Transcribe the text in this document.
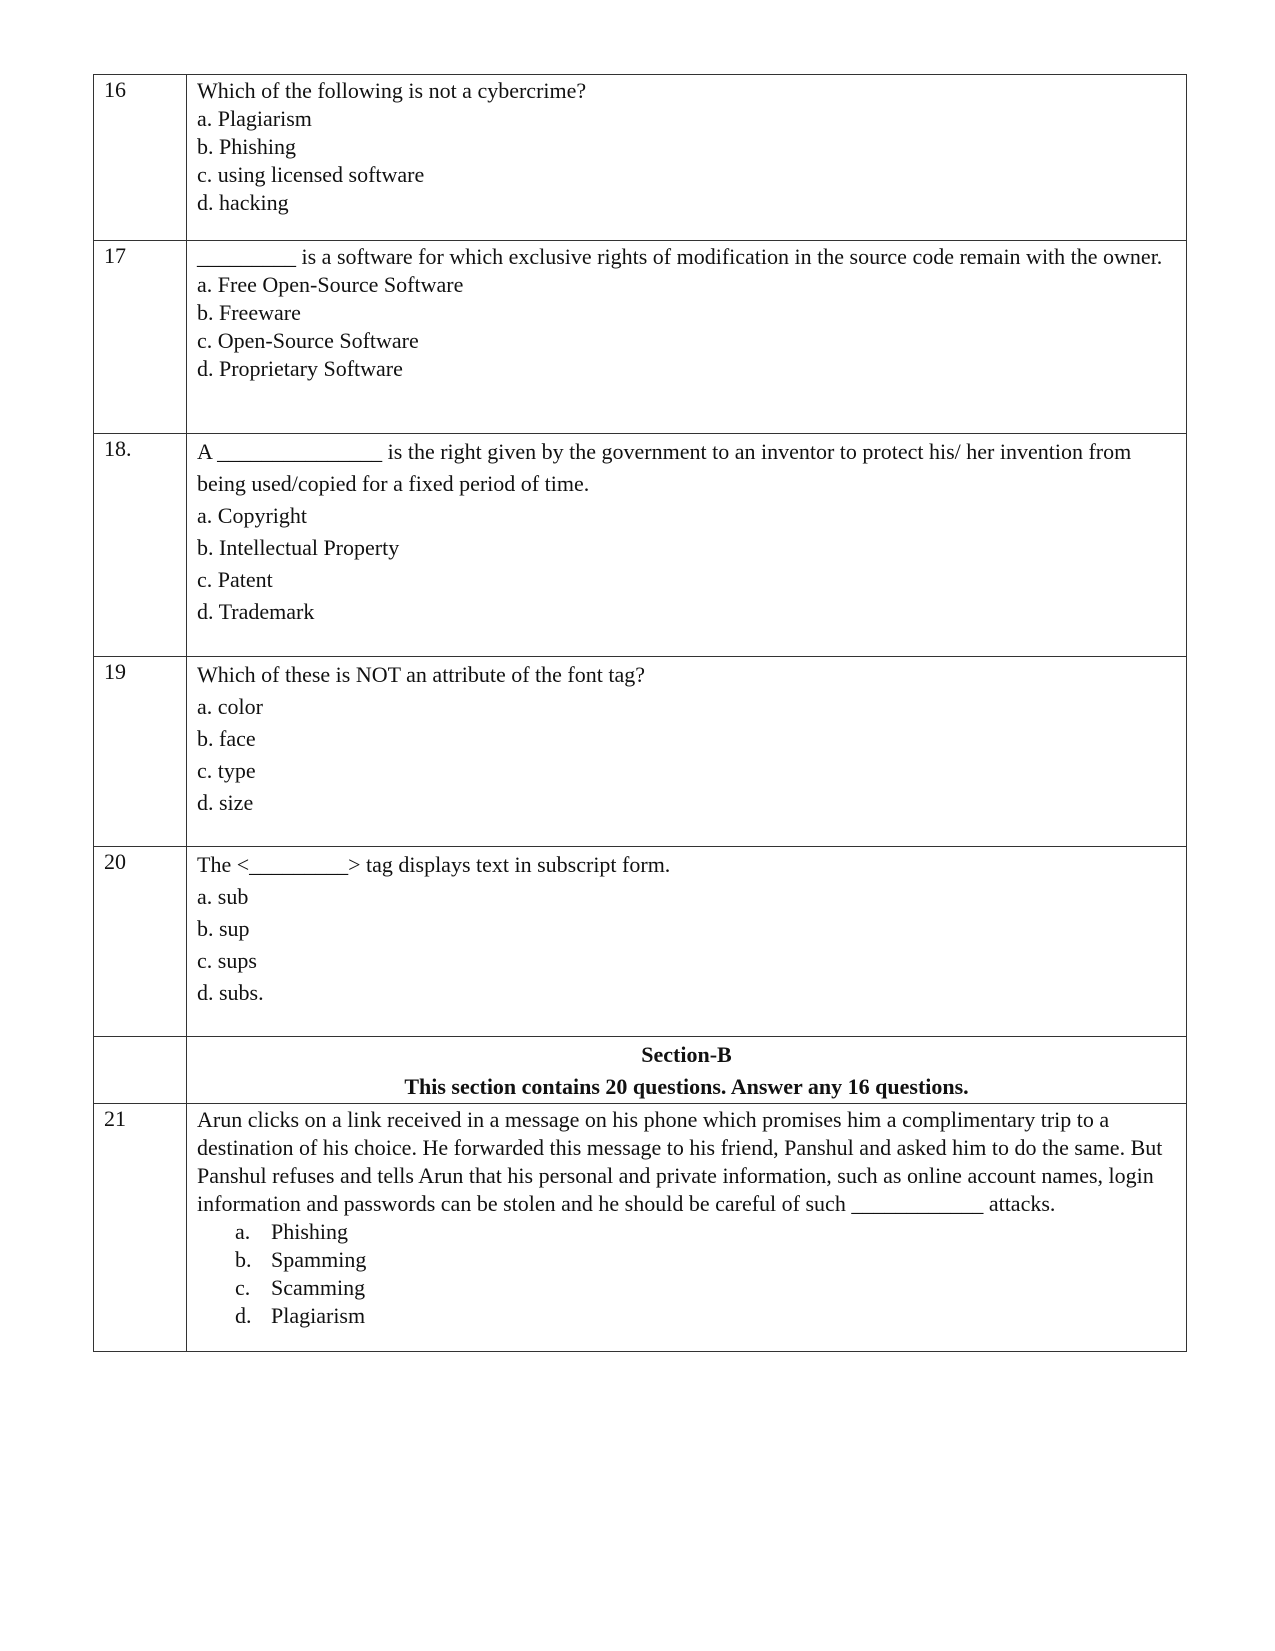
16	Which of the following is not a cybercrime?
a. Plagiarism
b. Phishing
c. using licensed software
d. hacking

17	_________ is a software for which exclusive rights of modification in the source code remain with the owner.
a. Free Open-Source Software
b. Freeware
c. Open-Source Software
d. Proprietary Software

18.	A _______________ is the right given by the government to an inventor to protect his/ her invention from being used/copied for a fixed period of time.
a. Copyright
b. Intellectual Property
c. Patent
d. Trademark

19	Which of these is NOT an attribute of the font tag?
a. color
b. face
c. type
d. size

20	The <_________> tag displays text in subscript form.
a. sub
b. sup
c. sups
d. subs.

	Section-B
This section contains 20 questions. Answer any 16 questions.

21	Arun clicks on a link received in a message on his phone which promises him a complimentary trip to a destination of his choice. He forwarded this message to his friend, Panshul and asked him to do the same. But Panshul refuses and tells Arun that his personal and private information, such as online account names, login information and passwords can be stolen and he should be careful of such ____________ attacks.
a. Phishing
b. Spamming
c. Scamming
d. Plagiarism
